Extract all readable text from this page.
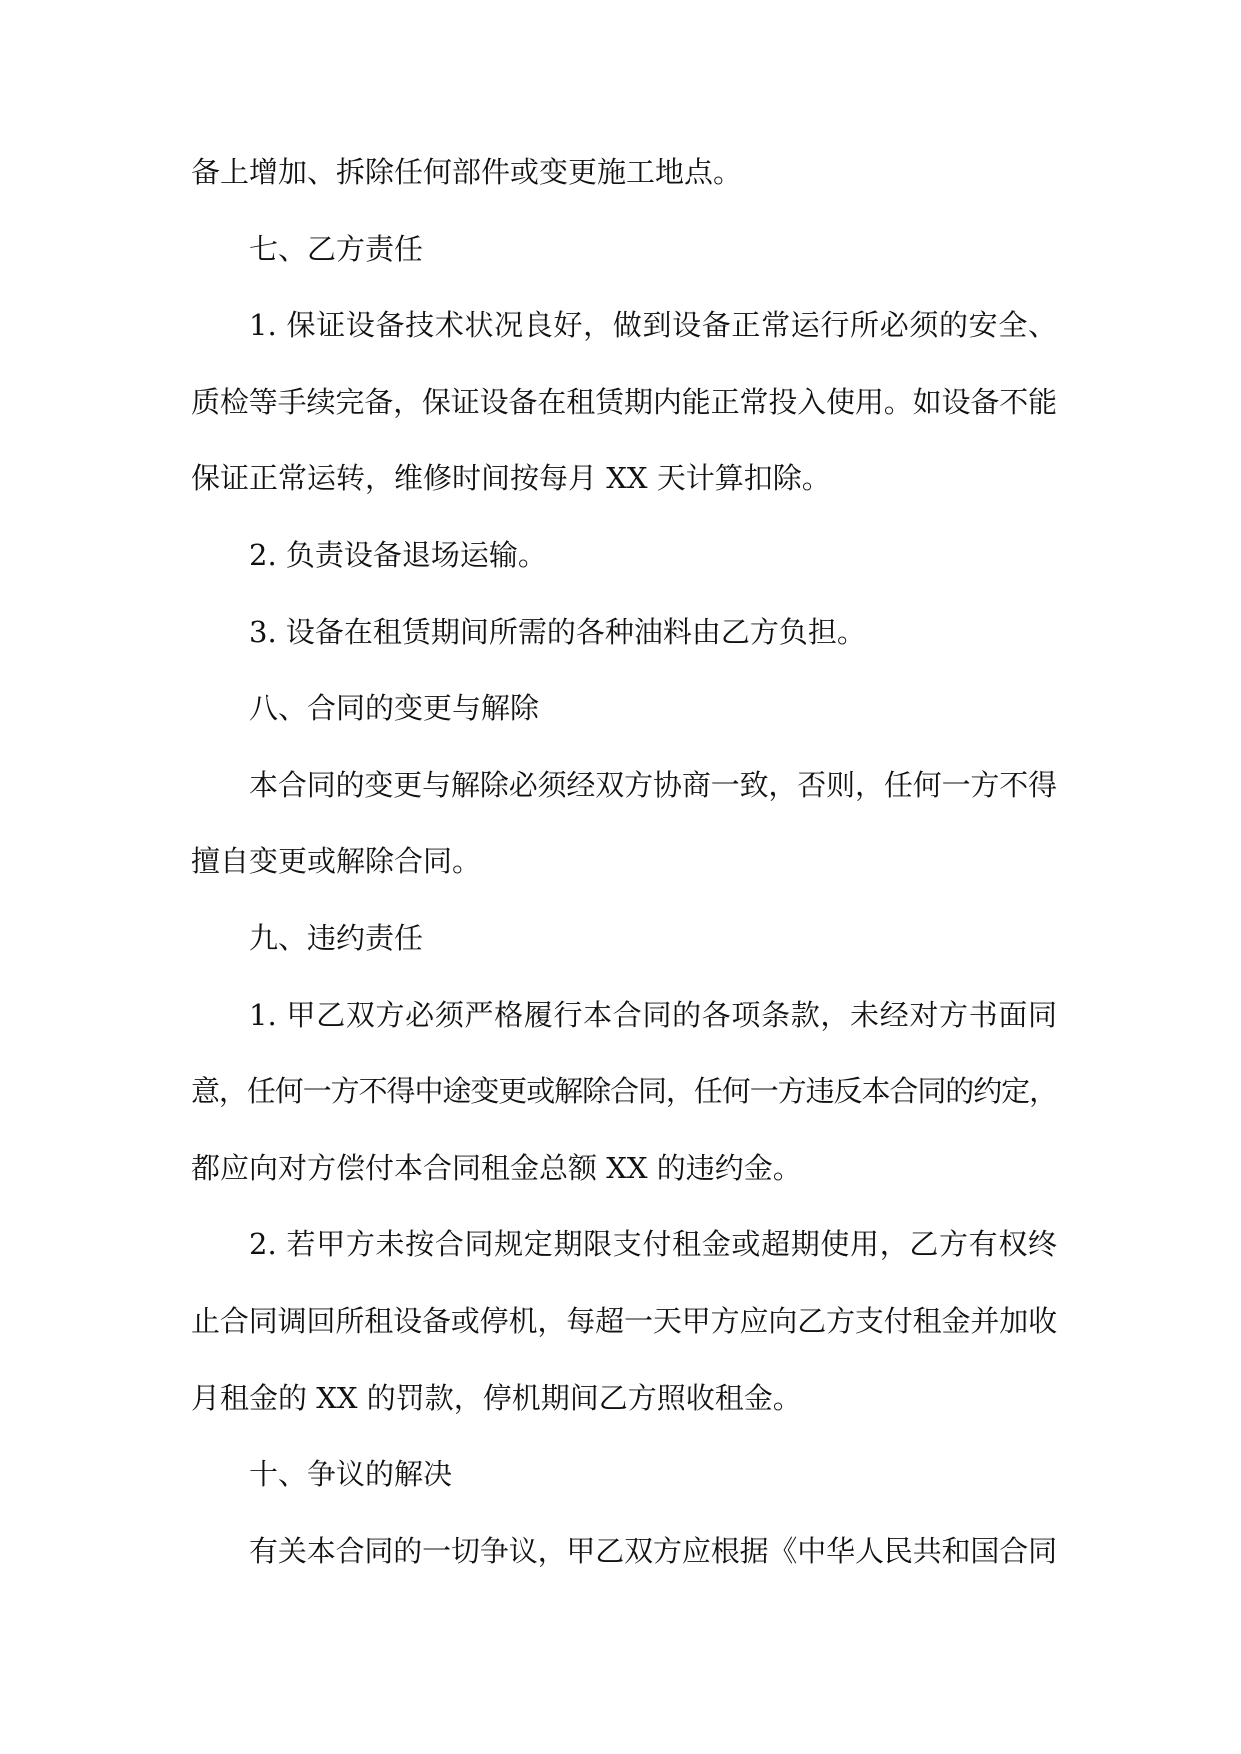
备上增加、拆除任何部件或变更施工地点。
七、乙方责任
1. 保证设备技术状况良好，做到设备正常运行所必须的安全、
质检等手续完备，保证设备在租赁期内能正常投入使用。如设备不能
保证正常运转，维修时间按每月 XX 天计算扣除。
2. 负责设备退场运输。
3. 设备在租赁期间所需的各种油料由乙方负担。
八、合同的变更与解除
本合同的变更与解除必须经双方协商一致，否则，任何一方不得
擅自变更或解除合同。
九、违约责任
1. 甲乙双方必须严格履行本合同的各项条款，未经对方书面同
意，任何一方不得中途变更或解除合同，任何一方违反本合同的约定，
都应向对方偿付本合同租金总额 XX 的违约金。
2. 若甲方未按合同规定期限支付租金或超期使用，乙方有权终
止合同调回所租设备或停机，每超一天甲方应向乙方支付租金并加收
月租金的 XX 的罚款，停机期间乙方照收租金。
十、争议的解决
有关本合同的一切争议，甲乙双方应根据《中华人民共和国合同
